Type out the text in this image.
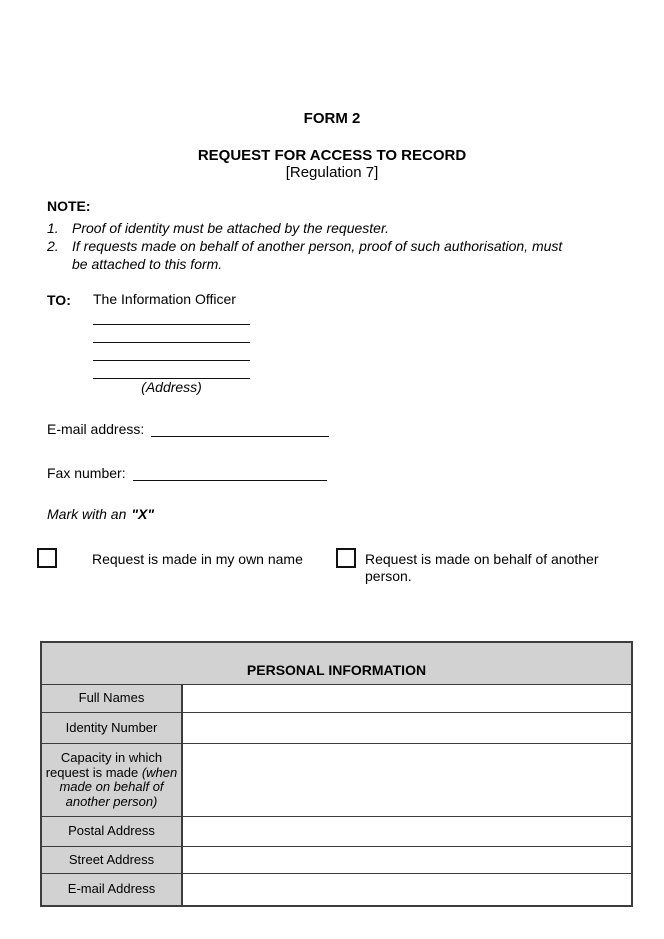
FORM 2
REQUEST FOR ACCESS TO RECORD
[Regulation 7]
NOTE:
1. Proof of identity must be attached by the requester.
2. If requests made on behalf of another person, proof of such authorisation, must be attached to this form.
TO:	The Information Officer
(Address)
E-mail address:
Fax number:
Mark with an "X"
Request is made in my own name	Request is made on behalf of another person.
PERSONAL INFORMATION
Full Names
Identity Number
Capacity in which request is made (when made on behalf of another person)
Postal Address
Street Address
E-mail Address
